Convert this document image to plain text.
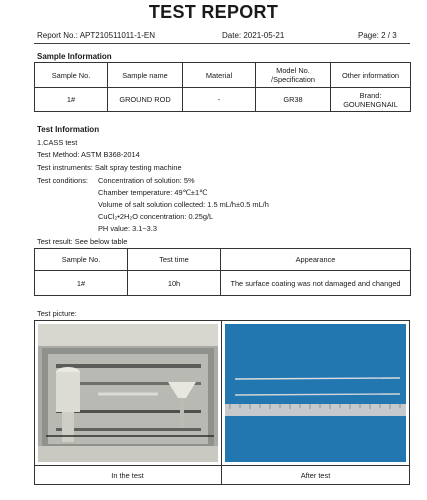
TEST REPORT
Report No.: APT210511011-1-EN	Date: 2021-05-21	Page: 2 / 3
Sample Information
Sample No.	Sample name	Material	Model No. /Specification	Other information
1#	GROUND ROD	-	GR38	Brand: GOUNENGNAIL
Test Information
1.CASS test
Test Method: ASTM B368-2014
Test instruments: Salt spray testing machine
Test conditions: Concentration of solution: 5%
Chamber temperature: 49℃±1℃
Volume of salt solution collected: 1.5 mL/h±0.5 mL/h
CuCl₂•2H₂O concentration: 0.25g/L
PH value: 3.1~3.3
Test result: See below table
Sample No.	Test time	Appearance
1#	10h	The surface coating was not damaged and changed
Test picture:
In the test	After test
